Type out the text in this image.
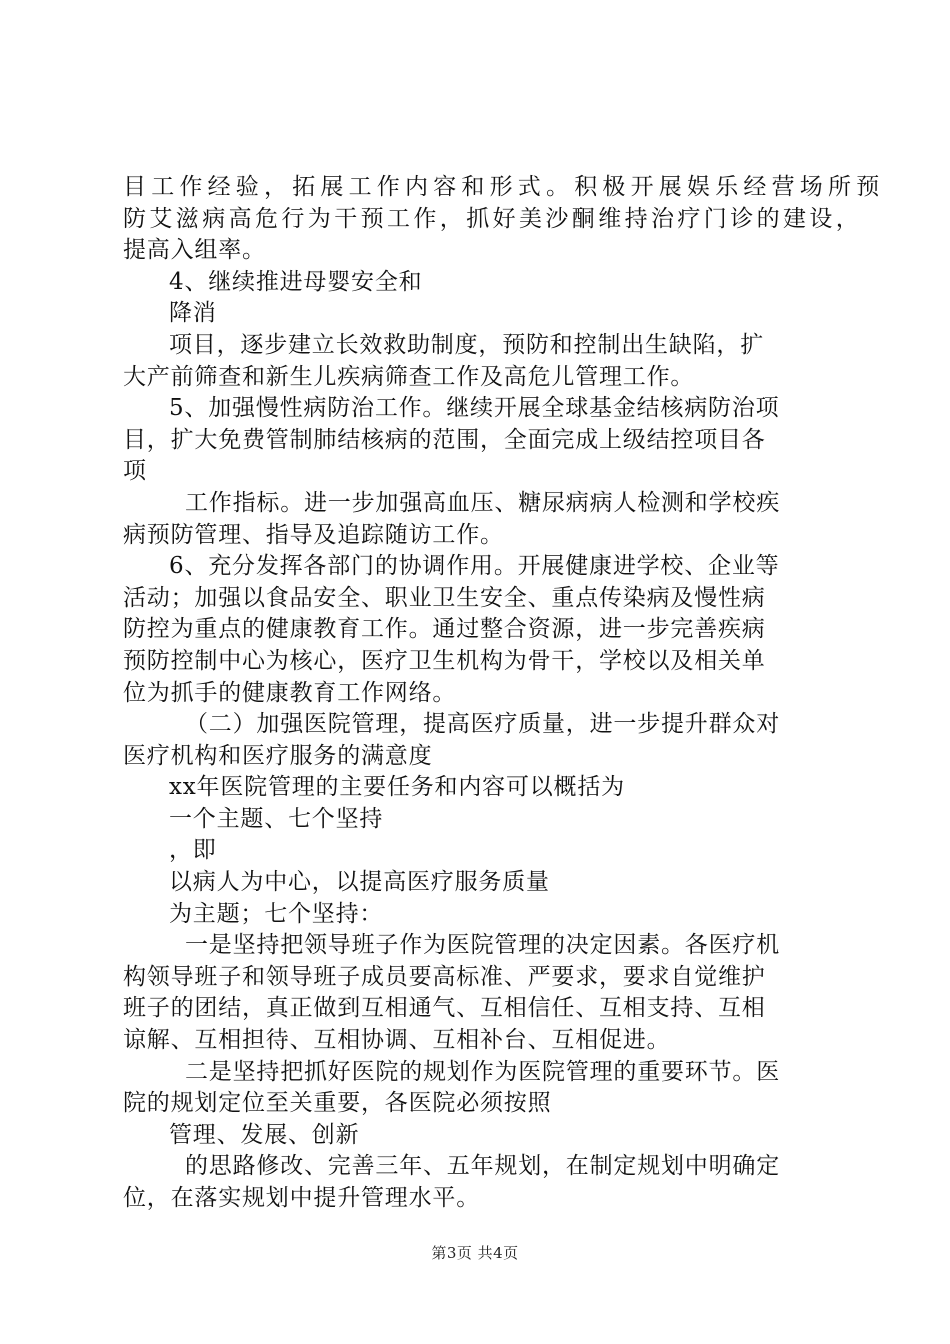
目工作经验，拓展工作内容和形式。积极开展娱乐经营场所预
防艾滋病高危行为干预工作，抓好美沙酮维持治疗门诊的建设，
提高入组率。
4、继续推进母婴安全和
降消
项目，逐步建立长效救助制度，预防和控制出生缺陷，扩
大产前筛查和新生儿疾病筛查工作及高危儿管理工作。
5、加强慢性病防治工作。继续开展全球基金结核病防治项
目，扩大免费管制肺结核病的范围，全面完成上级结控项目各
项
工作指标。进一步加强高血压、糖尿病病人检测和学校疾
病预防管理、指导及追踪随访工作。
6、充分发挥各部门的协调作用。开展健康进学校、企业等
活动；加强以食品安全、职业卫生安全、重点传染病及慢性病
防控为重点的健康教育工作。通过整合资源，进一步完善疾病
预防控制中心为核心，医疗卫生机构为骨干，学校以及相关单
位为抓手的健康教育工作网络。
（二）加强医院管理，提高医疗质量，进一步提升群众对
医疗机构和医疗服务的满意度
xx年医院管理的主要任务和内容可以概括为
一个主题、七个坚持
，即
以病人为中心，以提高医疗服务质量
为主题；七个坚持：
一是坚持把领导班子作为医院管理的决定因素。各医疗机
构领导班子和领导班子成员要高标准、严要求，要求自觉维护
班子的团结，真正做到互相通气、互相信任、互相支持、互相
谅解、互相担待、互相协调、互相补台、互相促进。
二是坚持把抓好医院的规划作为医院管理的重要环节。医
院的规划定位至关重要，各医院必须按照
管理、发展、创新
的思路修改、完善三年、五年规划，在制定规划中明确定
位，在落实规划中提升管理水平。
第3页 共4页
